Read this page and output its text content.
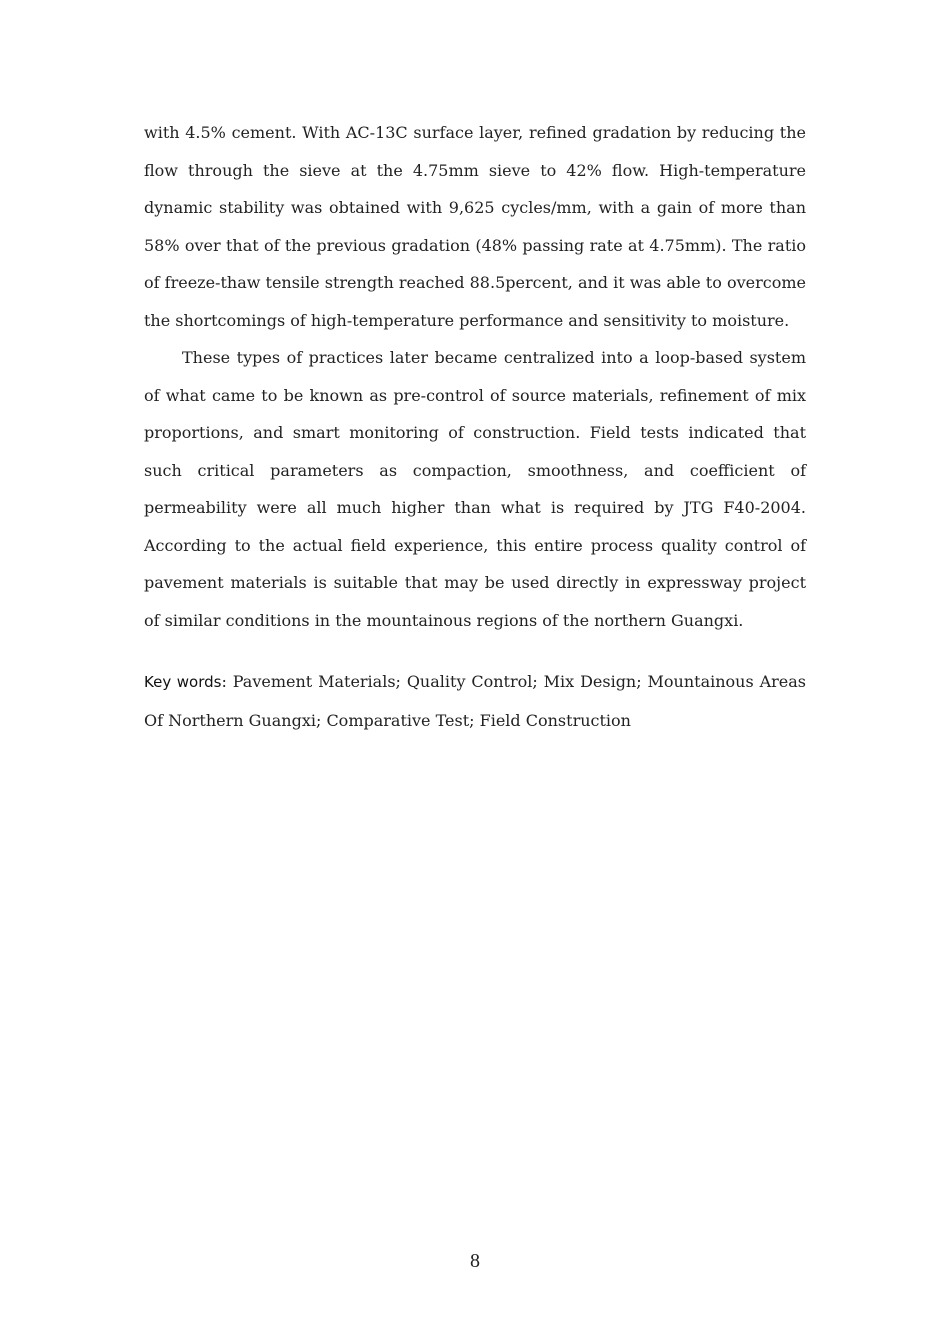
with 4.5% cement. With AC-13C surface layer, refined gradation by reducing the flow through the sieve at the 4.75mm sieve to 42% flow. High-temperature dynamic stability was obtained with 9,625 cycles/mm, with a gain of more than 58% over that of the previous gradation (48% passing rate at 4.75mm). The ratio of freeze-thaw tensile strength reached 88.5percent, and it was able to overcome the shortcomings of high-temperature performance and sensitivity to moisture.

These types of practices later became centralized into a loop-based system of what came to be known as pre-control of source materials, refinement of mix proportions, and smart monitoring of construction. Field tests indicated that such critical parameters as compaction, smoothness, and coefficient of permeability were all much higher than what is required by JTG F40-2004. According to the actual field experience, this entire process quality control of pavement materials is suitable that may be used directly in expressway project of similar conditions in the mountainous regions of the northern Guangxi.

Key words: Pavement Materials; Quality Control; Mix Design; Mountainous Areas Of Northern Guangxi; Comparative Test; Field Construction
8
